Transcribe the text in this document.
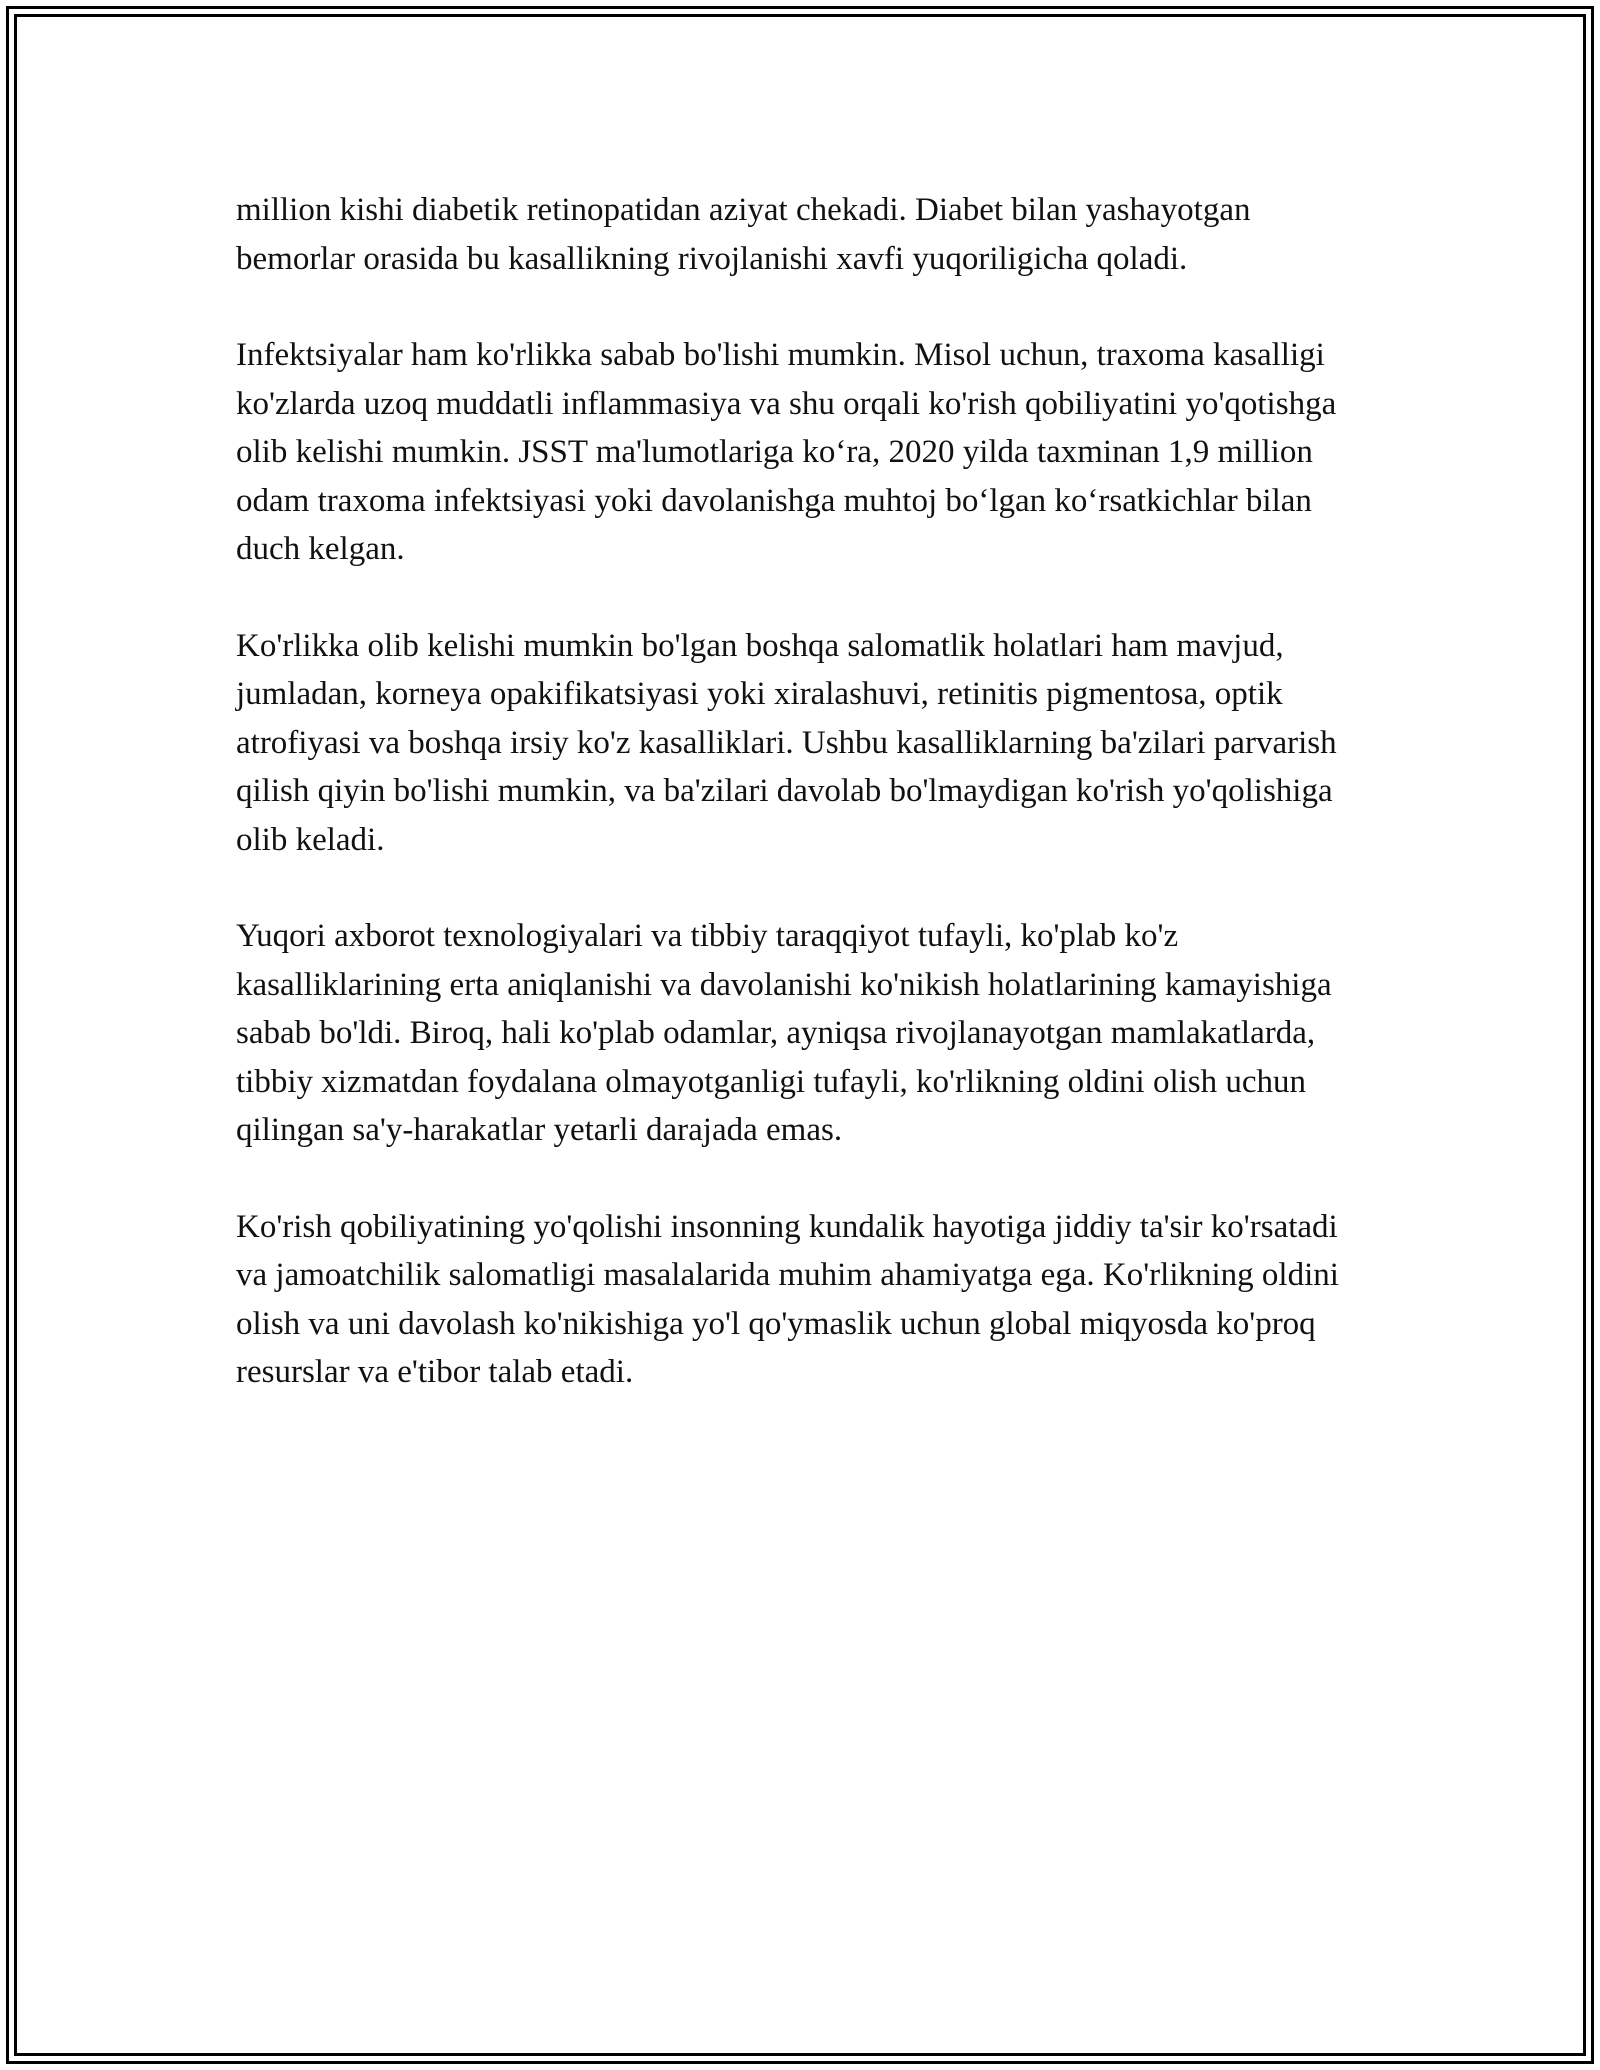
million kishi diabetik retinopatidan aziyat chekadi. Diabet bilan yashayotgan bemorlar orasida bu kasallikning rivojlanishi xavfi yuqoriligicha qoladi.

Infektsiyalar ham ko'rlikka sabab bo'lishi mumkin. Misol uchun, traxoma kasalligi ko'zlarda uzoq muddatli inflammasiya va shu orqali ko'rish qobiliyatini yo'qotishga olib kelishi mumkin. JSST ma'lumotlariga ko‘ra, 2020 yilda taxminan 1,9 million odam traxoma infektsiyasi yoki davolanishga muhtoj bo‘lgan ko‘rsatkichlar bilan duch kelgan.

Ko'rlikka olib kelishi mumkin bo'lgan boshqa salomatlik holatlari ham mavjud, jumladan, korneya opakifikatsiyasi yoki xiralashuvi, retinitis pigmentosa, optik atrofiyasi va boshqa irsiy ko'z kasalliklari. Ushbu kasalliklarning ba'zilari parvarish qilish qiyin bo'lishi mumkin, va ba'zilari davolab bo'lmaydigan ko'rish yo'qolishiga olib keladi.

Yuqori axborot texnologiyalari va tibbiy taraqqiyot tufayli, ko'plab ko'z kasalliklarining erta aniqlanishi va davolanishi ko'nikish holatlarining kamayishiga sabab bo'ldi. Biroq, hali ko'plab odamlar, ayniqsa rivojlanayotgan mamlakatlarda, tibbiy xizmatdan foydalana olmayotganligi tufayli, ko'rlikning oldini olish uchun qilingan sa'y-harakatlar yetarli darajada emas.

Ko'rish qobiliyatining yo'qolishi insonning kundalik hayotiga jiddiy ta'sir ko'rsatadi va jamoatchilik salomatligi masalalarida muhim ahamiyatga ega. Ko'rlikning oldini olish va uni davolash ko'nikishiga yo'l qo'ymaslik uchun global miqyosda ko'proq resurslar va e'tibor talab etadi.
